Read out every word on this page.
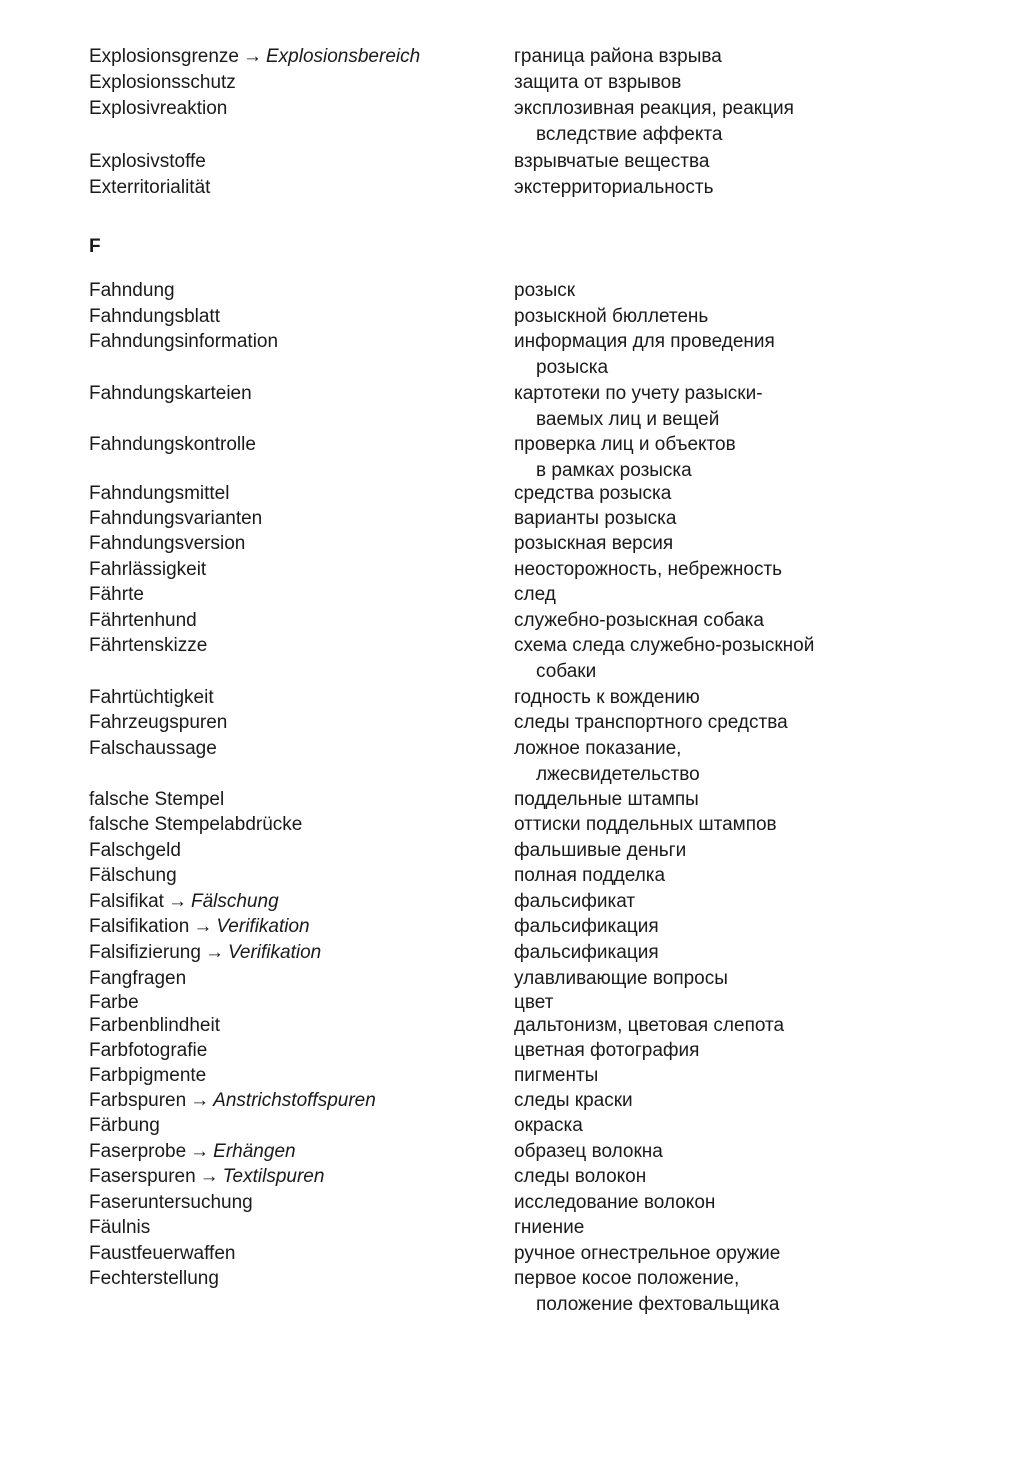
Explosionsgrenze → Explosionsbereich	граница района взрыва
Explosionsschutz	защита от взрывов
Explosivreaktion	эксплозивная реакция, реакция
вследствие аффекта
Explosivstoffe	взрывчатые вещества
Exterritorialität	экстерриториальность
F
Fahndung	розыск
Fahndungsblatt	розыскной бюллетень
Fahndungsinformation	информация для проведения
розыска
Fahndungskarteien	картотеки по учету разыски-
ваемых лиц и вещей
Fahndungskontrolle	проверка лиц и объектов
в рамках розыска
Fahndungsmittel	средства розыска
Fahndungsvarianten	варианты розыска
Fahndungsversion	розыскная версия
Fahrlässigkeit	неосторожность, небрежность
Fährte	след
Fährtenhund	служебно-розыскная собака
Fährtenskizze	схема следа служебно-розыскной
собаки
Fahrtüchtigkeit	годность к вождению
Fahrzeugspuren	следы транспортного средства
Falschaussage	ложное показание,
лжесвидетельство
falsche Stempel	поддельные штампы
falsche Stempelabdrücke	оттиски поддельных штампов
Falschgeld	фальшивые деньги
Fälschung	полная подделка
Falsifikat → Fälschung	фальсификат
Falsifikation → Verifikation	фальсификация
Falsifizierung → Verifikation	фальсификация
Fangfragen	улавливающие вопросы
Farbe	цвет
Farbenblindheit	дальтонизм, цветовая слепота
Farbfotografie	цветная фотография
Farbpigmente	пигменты
Farbspuren → Anstrichstoffspuren	следы краски
Färbung	окраска
Faserprobe → Erhängen	образец волокна
Faserspuren → Textilspuren	следы волокон
Faseruntersuchung	исследование волокон
Fäulnis	гниение
Faustfeuerwaffen	ручное огнестрельное оружие
Fechterstellung	первое косое положение,
положение фехтовальщика
